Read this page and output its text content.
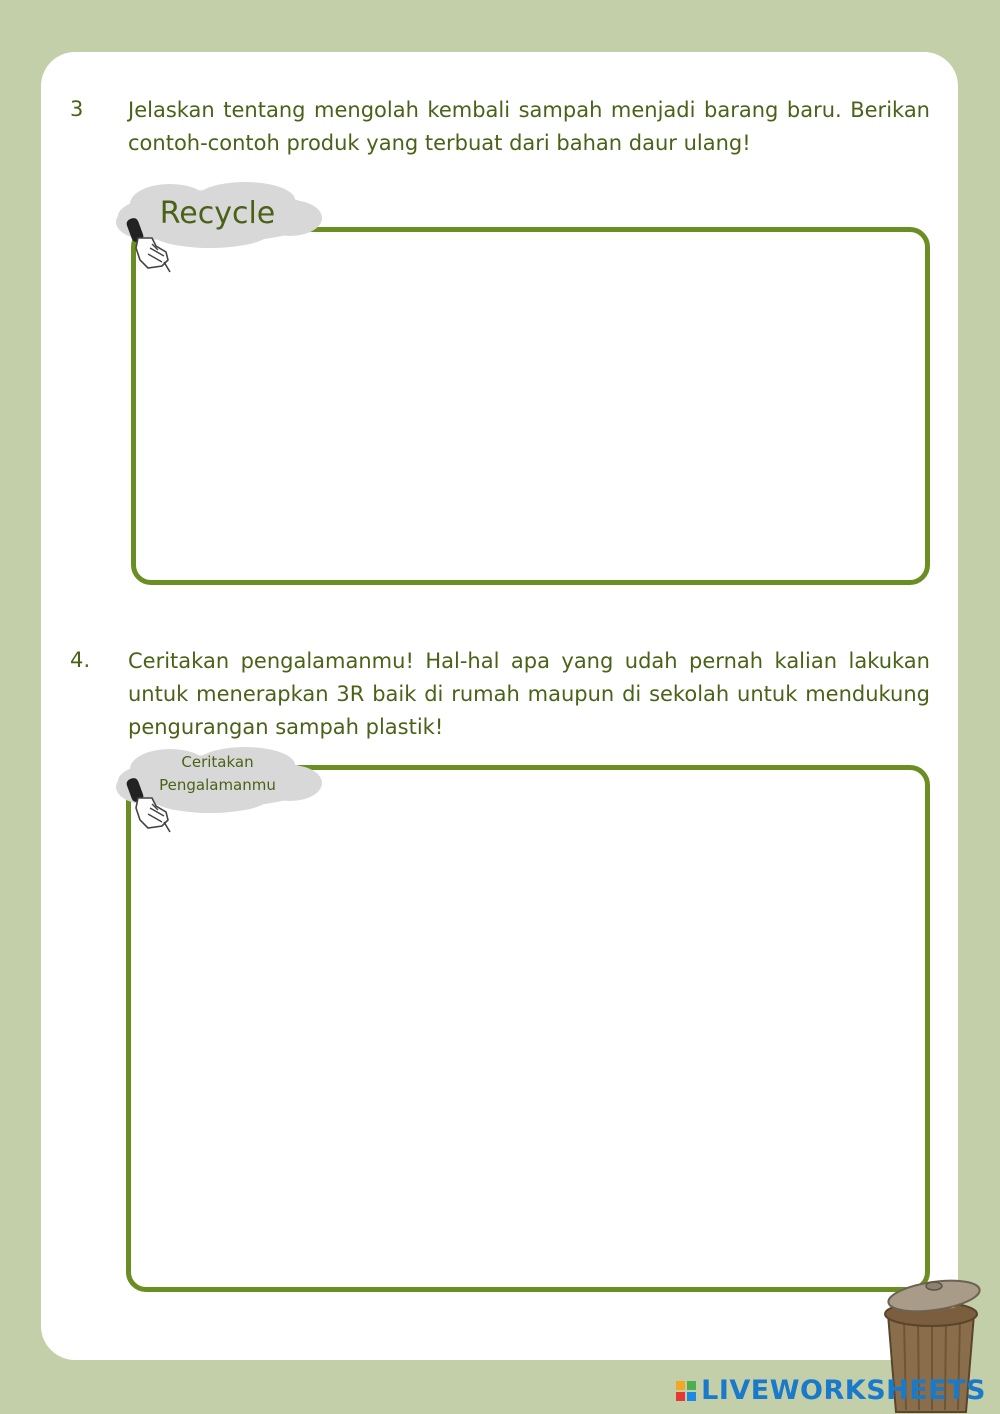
3 Jelaskan tentang mengolah kembali sampah menjadi barang baru. Berikan contoh-contoh produk yang terbuat dari bahan daur ulang!
Recycle
4. Ceritakan pengalamanmu! Hal-hal apa yang udah pernah kalian lakukan untuk menerapkan 3R baik di rumah maupun di sekolah untuk mendukung pengurangan sampah plastik!
Ceritakan
Pengalamanmu
LIVEWORKSHEETS
